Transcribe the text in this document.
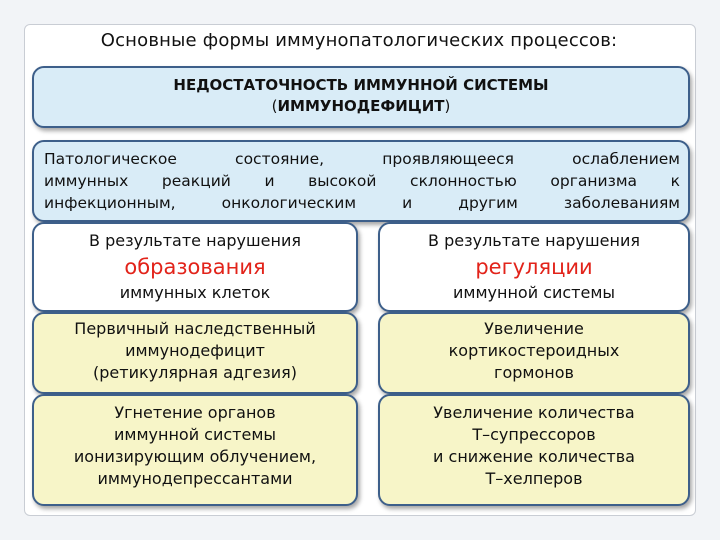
Основные формы иммунопатологических процессов:
НЕДОСТАТОЧНОСТЬ ИММУННОЙ СИСТЕМЫ
(ИММУНОДЕФИЦИТ)
Патологическое состояние, проявляющееся ослаблением
иммунных реакций и высокой склонностью организма к
инфекционным, онкологическим и другим заболеваниям
В результате нарушения
образования
иммунных клеток
В результате нарушения
регуляции
иммунной системы
Первичный наследственный
иммунодефицит
(ретикулярная адгезия)
Увеличение
кортикостероидных
гормонов
Угнетение органов
иммунной системы
ионизирующим облучением,
иммунодепрессантами
Увеличение количества
Т–супрессоров
и снижение количества
Т–хелперов
